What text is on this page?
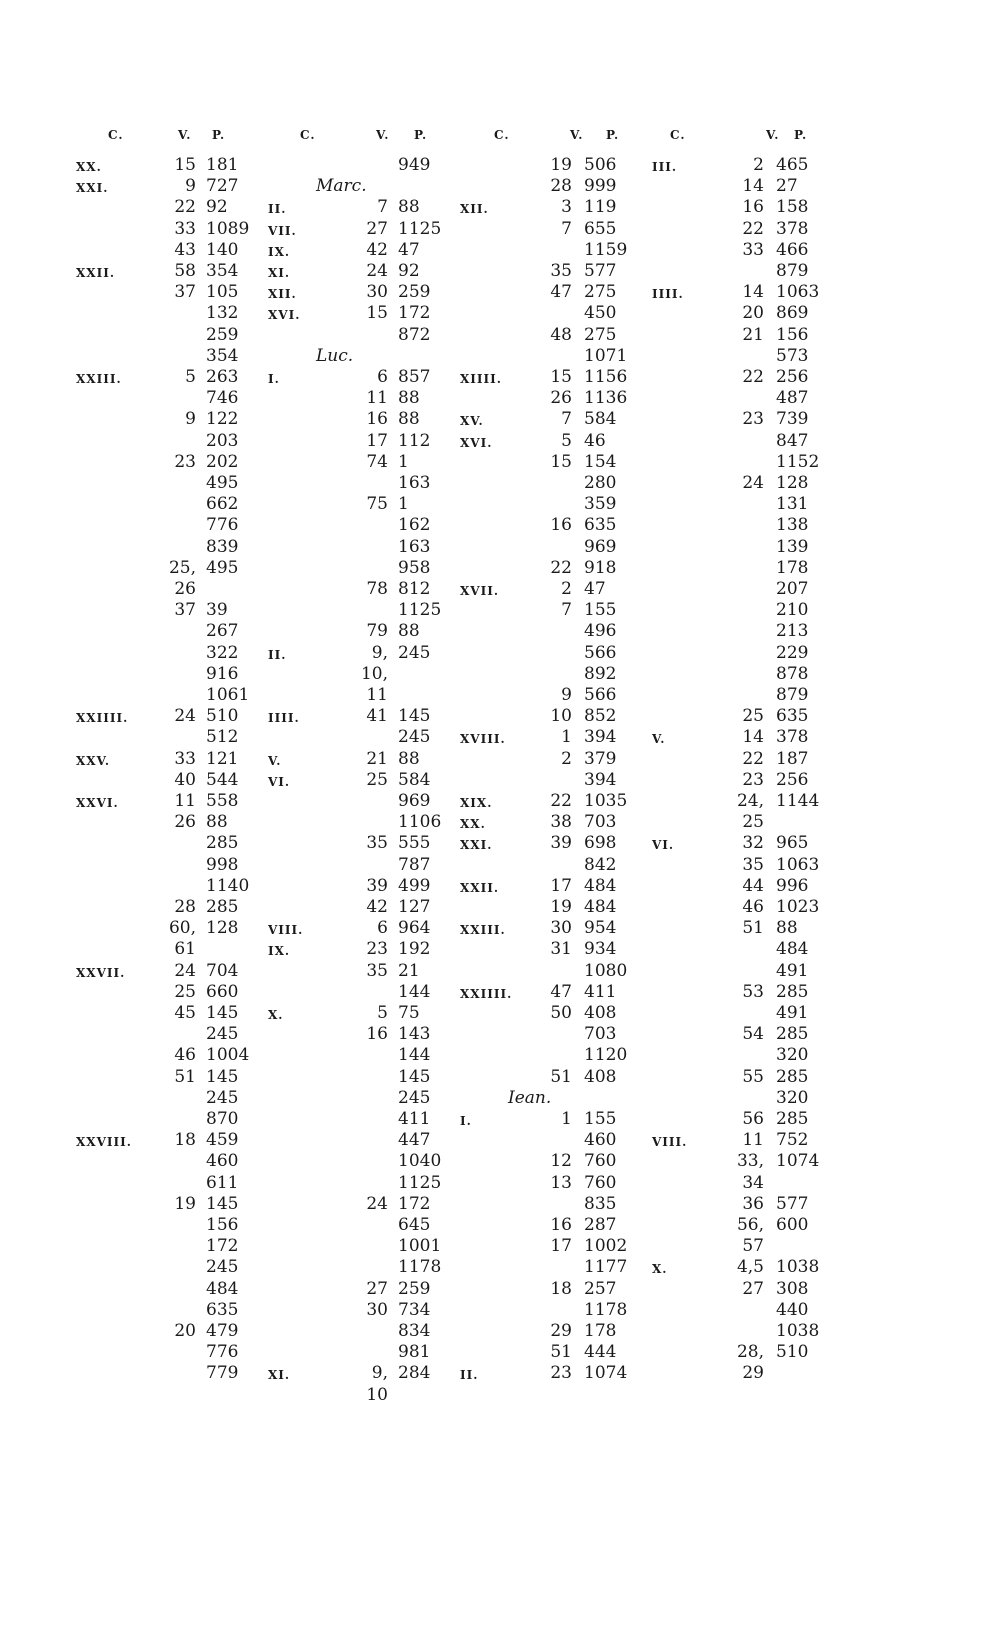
C.	V. P.	C.	V. P.	C.	V. P.	C.	V. P.
XX.	15 181
XXI.	9 727
22 92
33 1089
43 140
XXII.	58 354
37 105
132
259
354
XXIII.	5 263
746
9 122
203
23 202
495
662
776
839
25, 495
26
37 39
267
322
916
1061
XXIIII.	24 510
512
XXV.	33 121
40 544
XXVI.	11 558
26 88
285
998
1140
28 285
60, 128
61
XXVII.	24 704
25 660
45 145
245
46 1004
51 145
245
870
XXVIII.	18 459
460
611
19 145
156
172
245
484
635
20 479
776
779
949
Marc.
II.	7 88
VII.	27 1125
IX.	42 47
XI.	24 92
XII.	30 259
XVI.	15 172
872
Luc.
I.	6 857
11 88
16 88
17 112
74 1
163
75 1
162
163
958
78 812
1125
79 88
II.	9, 245
10,
11
IIII.	41 145
245
V.	21 88
VI.	25 584
969
1106
35 555
787
39 499
42 127
VIII.	6 964
IX.	23 192
35 21
144
X.	5 75
16 143
144
145
245
411
447
1040
1125
24 172
645
1001
1178
27 259
30 734
834
981
XI.	9, 284
10
19 506
28 999
XII.	3 119
7 655
1159
35 577
47 275
450
48 275
1071
XIIII.	15 1156
26 1136
XV.	7 584
XVI.	5 46
15 154
280
359
16 635
969
22 918
XVII.	2 47
7 155
496
566
892
9 566
10 852
XVIII.	1 394
2 379
394
XIX.	22 1035
XX.	38 703
XXI.	39 698
842
XXII.	17 484
19 484
XXIII.	30 954
31 934
1080
XXIIII.	47 411
50 408
703
1120
51 408
Iean.
I.	1 155
460
12 760
13 760
835
16 287
17 1002
1177
18 257
1178
29 178
51 444
II.	23 1074
III.	2 465
14 27
16 158
22 378
33 466
879
IIII.	14 1063
20 869
21 156
573
22 256
487
23 739
847
1152
24 128
131
138
139
178
207
210
213
229
878
879
25 635
V.	14 378
22 187
23 256
24, 1144
25
VI.	32 965
35 1063
44 996
46 1023
51 88
484
491
53 285
491
54 285
320
55 285
320
56 285
VIII.	11 752
33, 1074
34
36 577
56, 600
57
X.	4,5 1038
27 308
440
1038
28, 510
29
